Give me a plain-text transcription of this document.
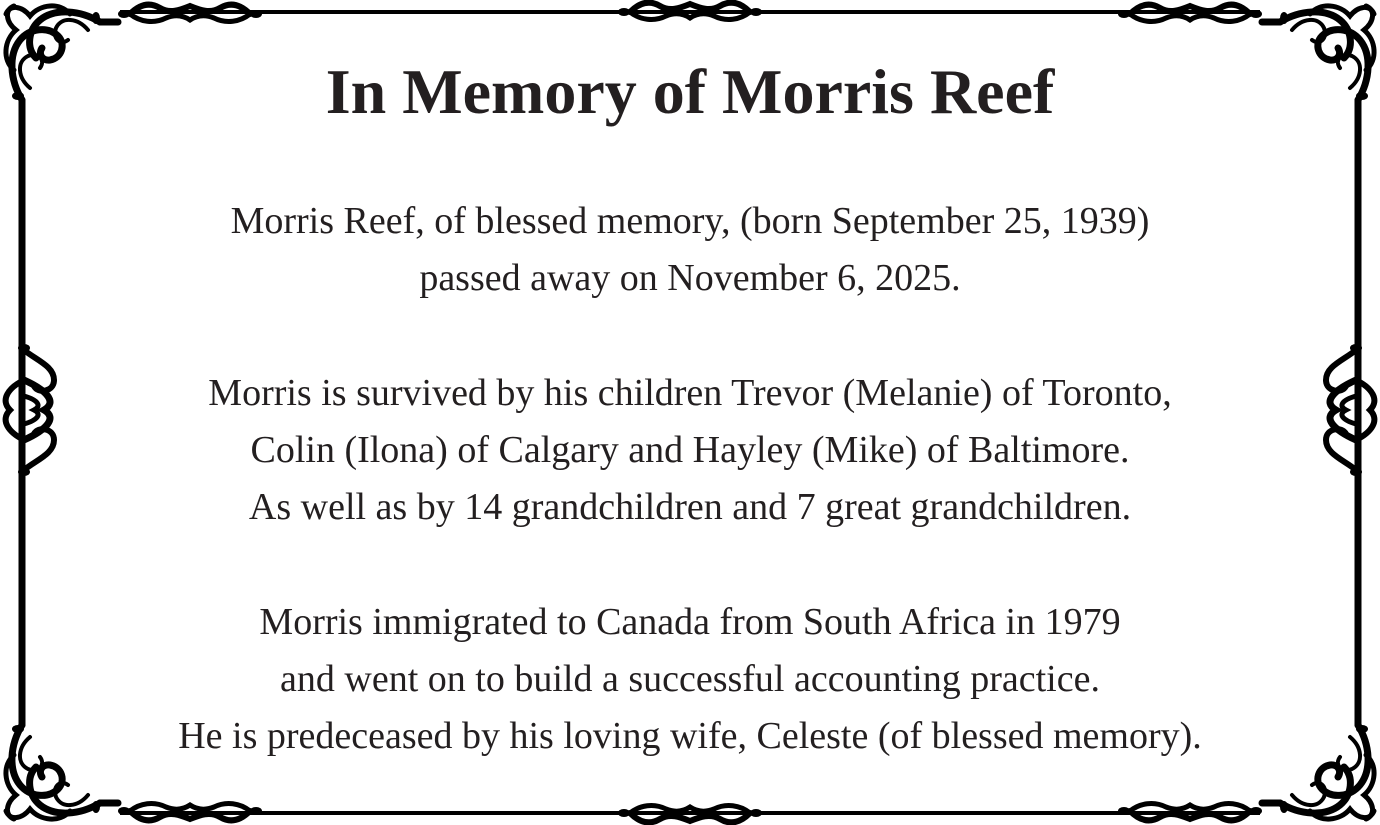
In Memory of Morris Reef

Morris Reef, of blessed memory, (born September 25, 1939)
passed away on November 6, 2025.

Morris is survived by his children Trevor (Melanie) of Toronto,
Colin (Ilona) of Calgary and Hayley (Mike) of Baltimore.
As well as by 14 grandchildren and 7 great grandchildren.

Morris immigrated to Canada from South Africa in 1979
and went on to build a successful accounting practice.
He is predeceased by his loving wife, Celeste (of blessed memory).
